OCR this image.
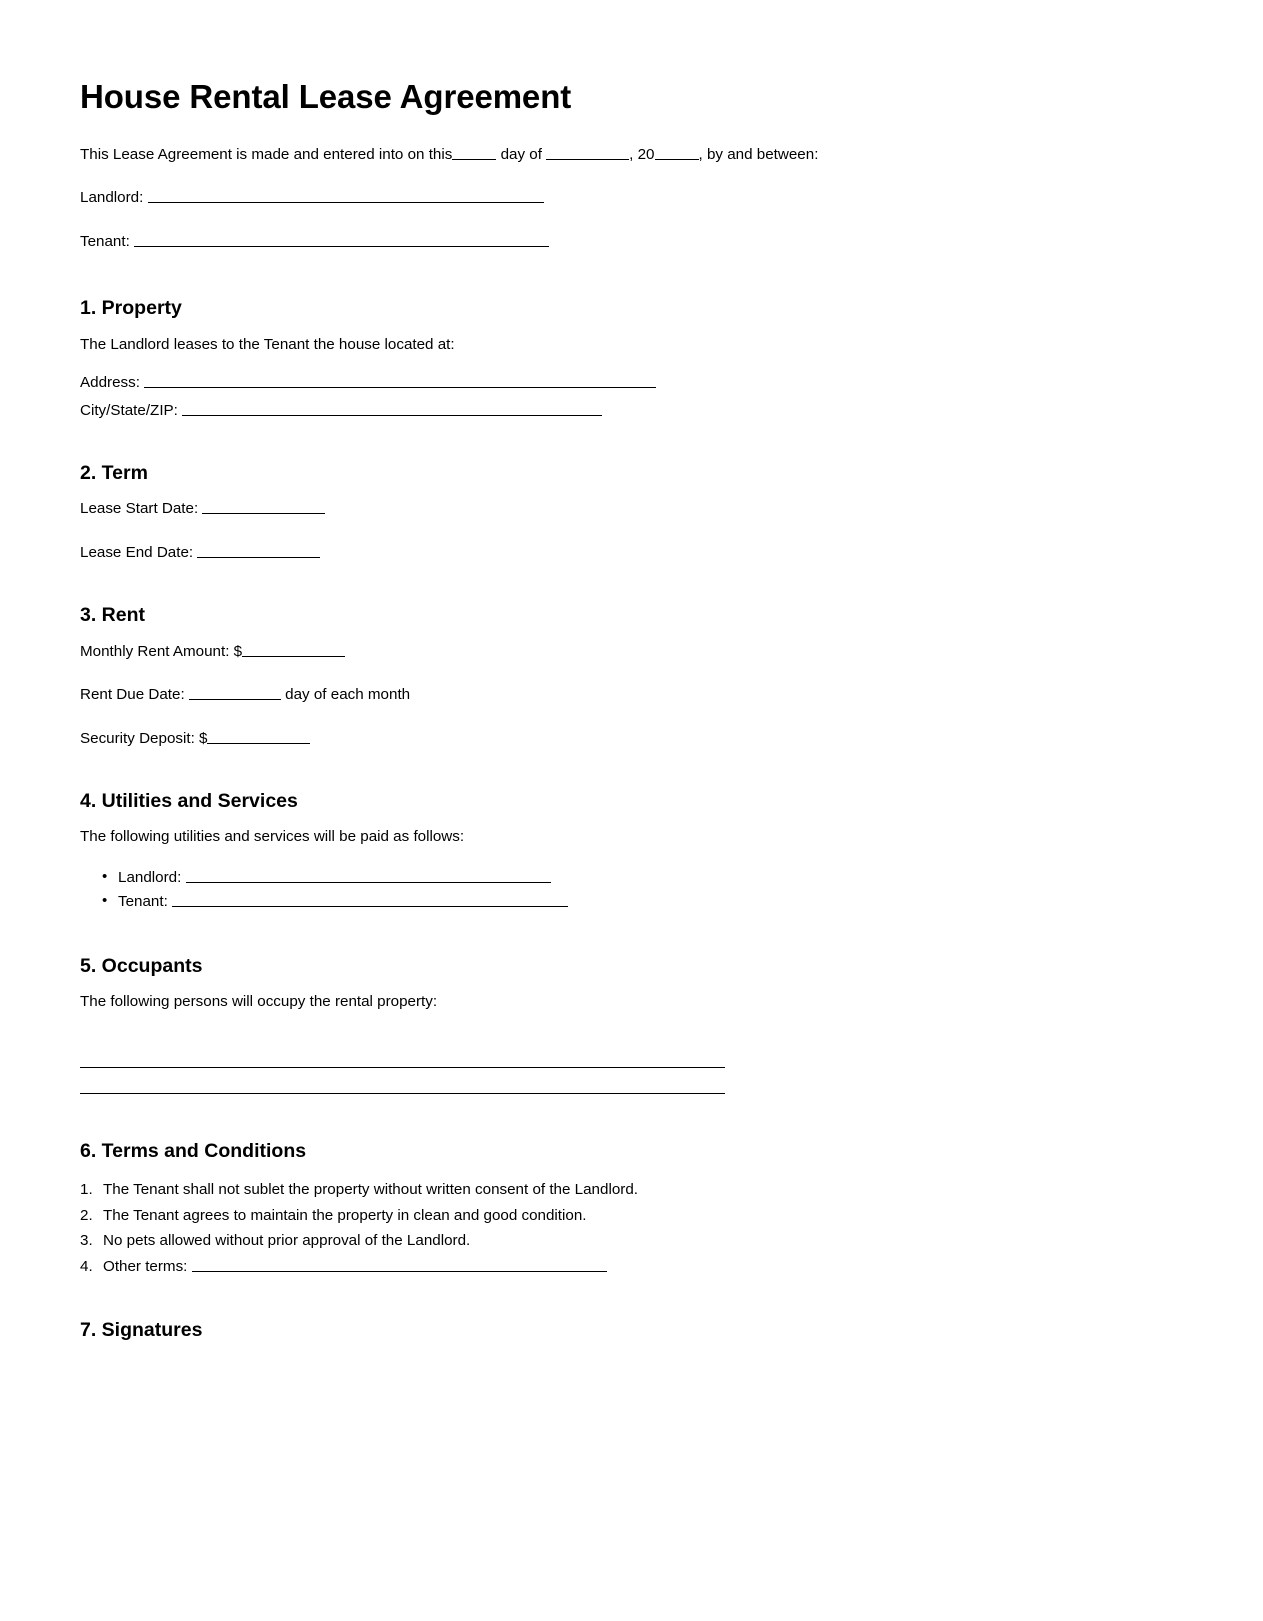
House Rental Lease Agreement

This Lease Agreement is made and entered into on this	day of	, 20	, by and between:

Landlord:

Tenant:

1. Property

The Landlord leases to the Tenant the house located at:

Address:

City/State/ZIP:

2. Term

Lease Start Date:

Lease End Date:

3. Rent

Monthly Rent Amount: $

Rent Due Date:	day of each month

Security Deposit: $

4. Utilities and Services

The following utilities and services will be paid as follows:

• Landlord:
• Tenant:
5. Occupants

The following persons will occupy the rental property:

6. Terms and Conditions
The Tenant shall not sublet the property without written consent of the Landlord.
The Tenant agrees to maintain the property in clean and good condition.
No pets allowed without prior approval of the Landlord.
Other terms:
7. Signatures
